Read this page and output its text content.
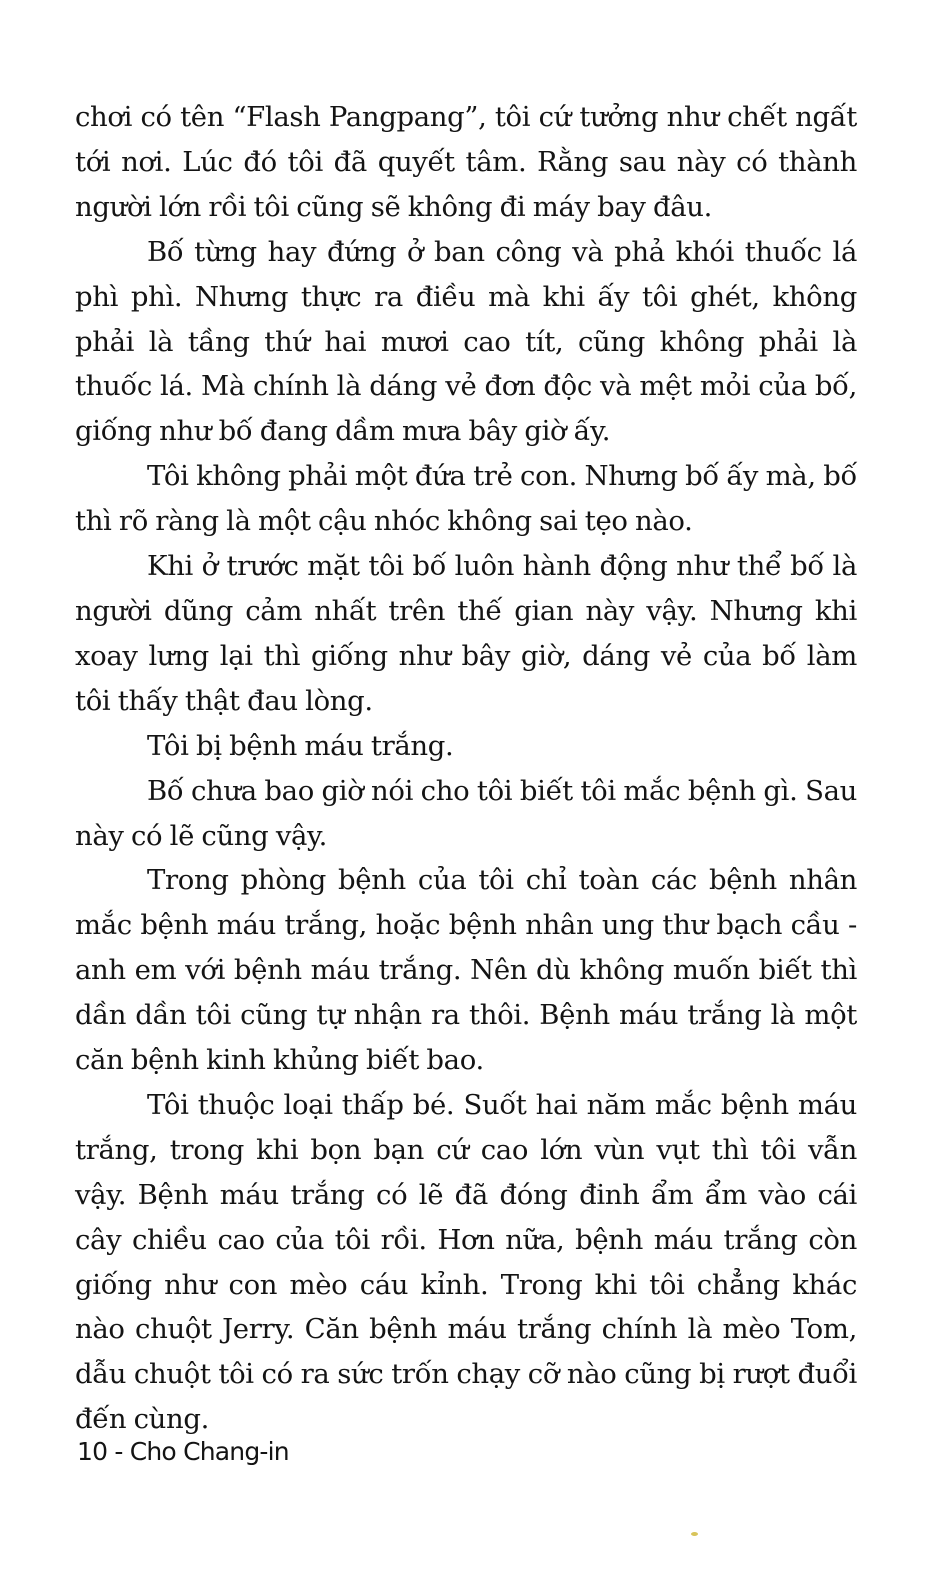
chơi có tên “Flash Pangpang”, tôi cứ tưởng như chết ngất tới nơi. Lúc đó tôi đã quyết tâm. Rằng sau này có thành người lớn rồi tôi cũng sẽ không đi máy bay đâu.

Bố từng hay đứng ở ban công và phả khói thuốc lá phì phì. Nhưng thực ra điều mà khi ấy tôi ghét, không phải là tầng thứ hai mươi cao tít, cũng không phải là thuốc lá. Mà chính là dáng vẻ đơn độc và mệt mỏi của bố, giống như bố đang dầm mưa bây giờ ấy.

Tôi không phải một đứa trẻ con. Nhưng bố ấy mà, bố thì rõ ràng là một cậu nhóc không sai tẹo nào.

Khi ở trước mặt tôi bố luôn hành động như thể bố là người dũng cảm nhất trên thế gian này vậy. Nhưng khi xoay lưng lại thì giống như bây giờ, dáng vẻ của bố làm tôi thấy thật đau lòng.

Tôi bị bệnh máu trắng.

Bố chưa bao giờ nói cho tôi biết tôi mắc bệnh gì. Sau này có lẽ cũng vậy.

Trong phòng bệnh của tôi chỉ toàn các bệnh nhân mắc bệnh máu trắng, hoặc bệnh nhân ung thư bạch cầu - anh em với bệnh máu trắng. Nên dù không muốn biết thì dần dần tôi cũng tự nhận ra thôi. Bệnh máu trắng là một căn bệnh kinh khủng biết bao.

Tôi thuộc loại thấp bé. Suốt hai năm mắc bệnh máu trắng, trong khi bọn bạn cứ cao lớn vùn vụt thì tôi vẫn vậy. Bệnh máu trắng có lẽ đã đóng đinh ẩm ẩm vào cái cây chiều cao của tôi rồi. Hơn nữa, bệnh máu trắng còn giống như con mèo cáu kỉnh. Trong khi tôi chẳng khác nào chuột Jerry. Căn bệnh máu trắng chính là mèo Tom, dẫu chuột tôi có ra sức trốn chạy cỡ nào cũng bị rượt đuổi đến cùng.

10 - Cho Chang-in
